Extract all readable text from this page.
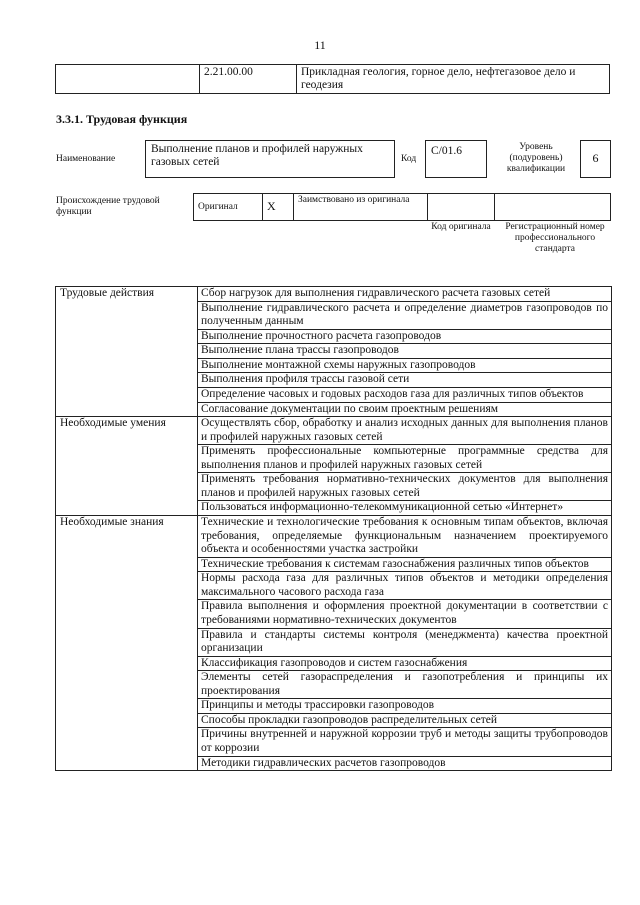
11
	2.21.00.00	Прикладная геология, горное дело, нефтегазовое дело и геодезия
3.3.1. Трудовая функция
Наименование
Выполнение планов и профилей наружных газовых сетей	Код
C/01.6	Уровень (подуровень) квалификации
6
Происхождение трудовой функции	Оригинал	X	Заимствовано из оригинала		
Код оригинала	Регистрационный номер профессионального стандарта
Трудовые действия	Сбор нагрузок для выполнения гидравлического расчета газовых сетей
	Выполнение гидравлического расчета и определение диаметров газопроводов по полученным данным
	Выполнение прочностного расчета газопроводов
	Выполнение плана трассы газопроводов
	Выполнение монтажной схемы наружных газопроводов
	Выполнения профиля трассы газовой сети
	Определение часовых и годовых расходов газа для различных типов объектов
	Согласование документации по своим проектным решениям
Необходимые умения	Осуществлять сбор, обработку и анализ исходных данных для выполнения планов и профилей наружных газовых сетей
	Применять профессиональные компьютерные программные средства для выполнения планов и профилей наружных газовых сетей
	Применять требования нормативно-технических документов для выполнения планов и профилей наружных газовых сетей
	Пользоваться информационно-телекоммуникационной сетью «Интернет»
Необходимые знания	Технические и технологические требования к основным типам объектов, включая требования, определяемые функциональным назначением проектируемого объекта и особенностями участка застройки
	Технические требования к системам газоснабжения различных типов объектов
	Нормы расхода газа для различных типов объектов и методики определения максимального часового расхода газа
	Правила выполнения и оформления проектной документации в соответствии с требованиями нормативно-технических документов
	Правила и стандарты системы контроля (менеджмента) качества проектной организации
	Классификация газопроводов и систем газоснабжения
	Элементы сетей газораспределения и газопотребления и принципы их проектирования
	Принципы и методы трассировки газопроводов
	Способы прокладки газопроводов распределительных сетей
	Причины внутренней и наружной коррозии труб и методы защиты трубопроводов от коррозии
	Методики гидравлических расчетов газопроводов
